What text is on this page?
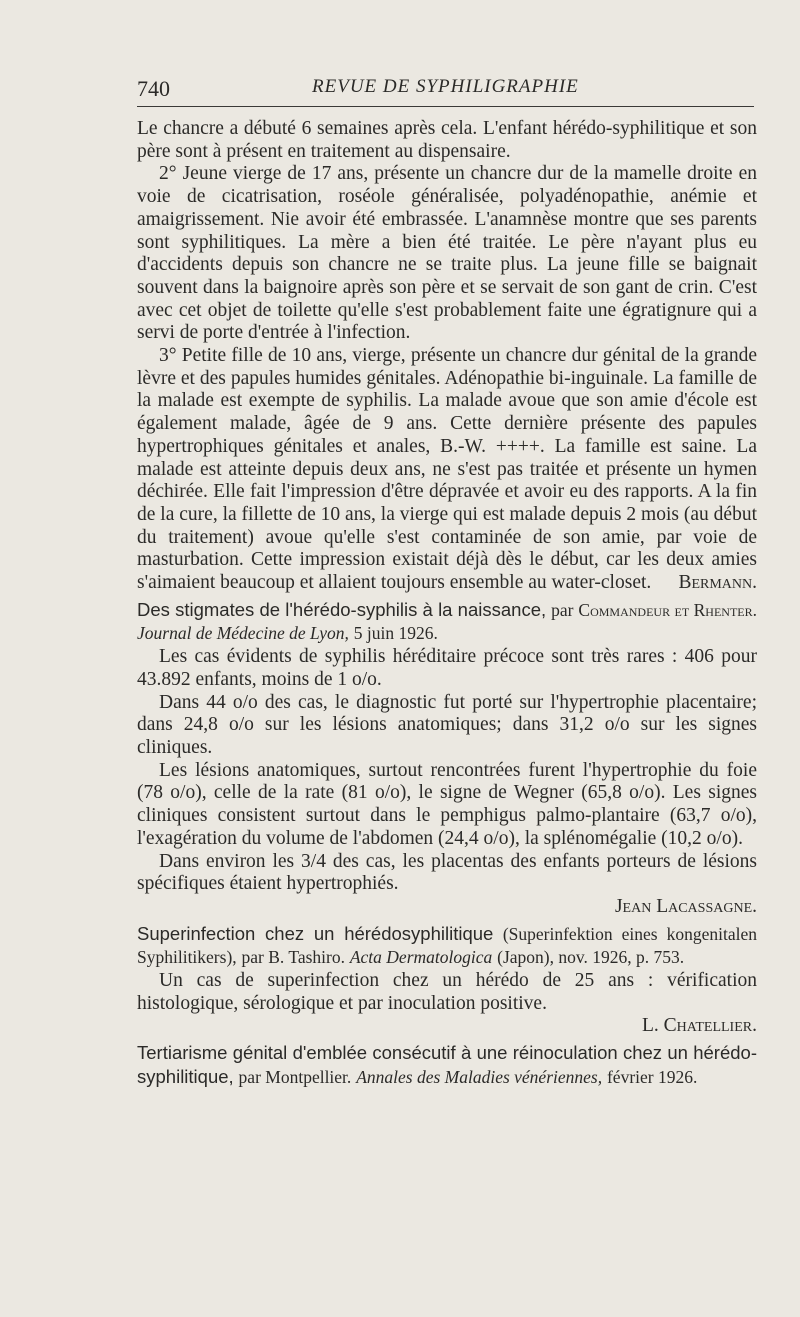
740	REVUE DE SYPHILIGRAPHIE

Le chancre a débuté 6 semaines après cela. L'enfant hérédo-syphilitique et son père sont à présent en traitement au dispensaire.

2° Jeune vierge de 17 ans, présente un chancre dur de la mamelle droite en voie de cicatrisation, roséole généralisée, polyadénopathie, anémie et amaigrissement. Nie avoir été embrassée. L'anamnèse montre que ses parents sont syphilitiques. La mère a bien été traitée. Le père n'ayant plus eu d'accidents depuis son chancre ne se traite plus. La jeune fille se baignait souvent dans la baignoire après son père et se servait de son gant de crin. C'est avec cet objet de toilette qu'elle s'est probablement faite une égratignure qui a servi de porte d'entrée à l'infection.

3° Petite fille de 10 ans, vierge, présente un chancre dur génital de la grande lèvre et des papules humides génitales. Adénopathie bi-inguinale. La famille de la malade est exempte de syphilis. La malade avoue que son amie d'école est également malade, âgée de 9 ans. Cette dernière présente des papules hypertrophiques génitales et anales, B.-W. ++++. La famille est saine. La malade est atteinte depuis deux ans, ne s'est pas traitée et présente un hymen déchirée. Elle fait l'impression d'être dépravée et avoir eu des rapports. A la fin de la cure, la fillette de 10 ans, la vierge qui est malade depuis 2 mois (au début du traitement) avoue qu'elle s'est contaminée de son amie, par voie de masturbation. Cette impression existait déjà dès le début, car les deux amies s'aimaient beaucoup et allaient toujours ensemble au water-closet.	Bermann.

Des stigmates de l'hérédo-syphilis à la naissance, par Commandeur et Rhenter. Journal de Médecine de Lyon, 5 juin 1926.

Les cas évidents de syphilis héréditaire précoce sont très rares : 406 pour 43.892 enfants, moins de 1 o/o.

Dans 44 o/o des cas, le diagnostic fut porté sur l'hypertrophie placentaire; dans 24,8 o/o sur les lésions anatomiques; dans 31,2 o/o sur les signes cliniques.

Les lésions anatomiques, surtout rencontrées furent l'hypertrophie du foie (78 o/o), celle de la rate (81 o/o), le signe de Wegner (65,8 o/o). Les signes cliniques consistent surtout dans le pemphigus palmo-plantaire (63,7 o/o), l'exagération du volume de l'abdomen (24,4 o/o), la splénomégalie (10,2 o/o).

Dans environ les 3/4 des cas, les placentas des enfants porteurs de lésions spécifiques étaient hypertrophiés.

Jean Lacassagne.

Superinfection chez un hérédosyphilitique (Superinfektion eines kongenitalen Syphilitikers), par B. Tashiro. Acta Dermatologica (Japon), nov. 1926, p. 753.

Un cas de superinfection chez un hérédo de 25 ans : vérification histologique, sérologique et par inoculation positive.

L. Chatellier.

Tertiarisme génital d'emblée consécutif à une réinoculation chez un hérédo-syphilitique, par Montpellier. Annales des Maladies vénériennes, février 1926.
